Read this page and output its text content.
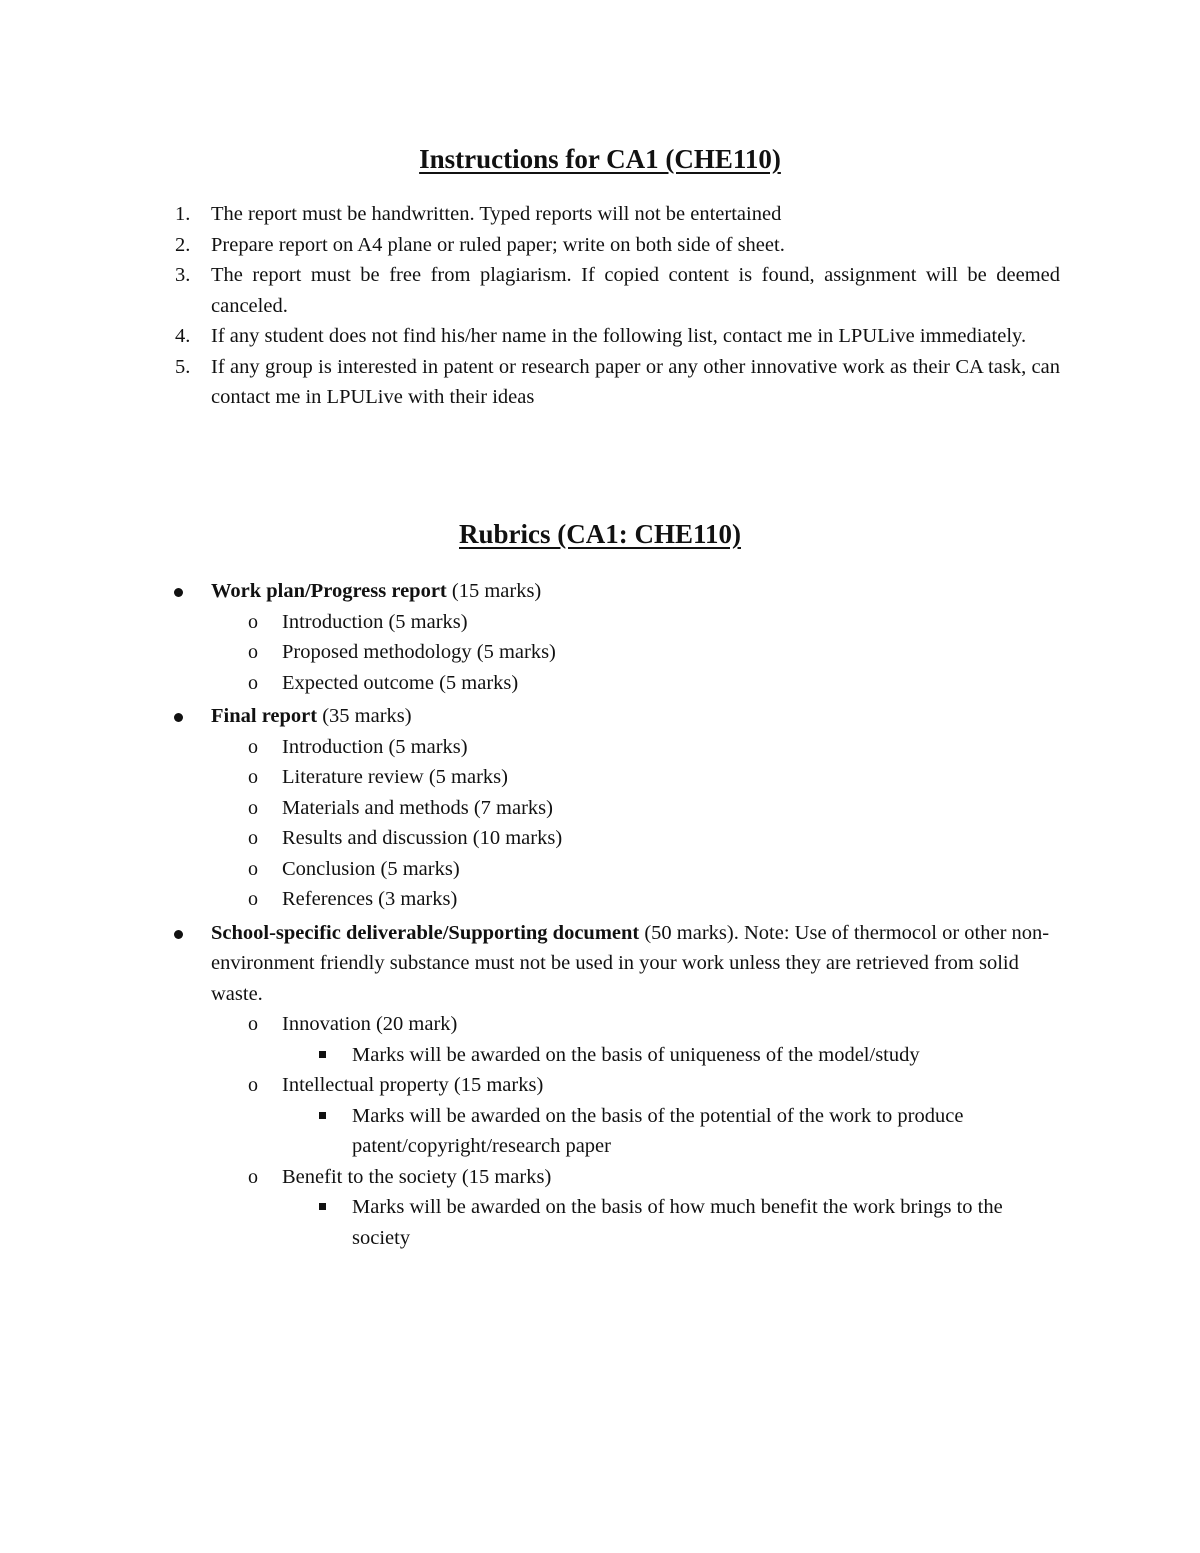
Instructions for CA1 (CHE110)
1. The report must be handwritten. Typed reports will not be entertained
2. Prepare report on A4 plane or ruled paper; write on both side of sheet.
3. The report must be free from plagiarism. If copied content is found, assignment will be deemed canceled.
4. If any student does not find his/her name in the following list, contact me in LPULive immediately.
5. If any group is interested in patent or research paper or any other innovative work as their CA task, can contact me in LPULive with their ideas
Rubrics (CA1: CHE110)
Work plan/Progress report (15 marks)
o Introduction (5 marks)
o Proposed methodology (5 marks)
o Expected outcome (5 marks)
Final report (35 marks)
o Introduction (5 marks)
o Literature review (5 marks)
o Materials and methods (7 marks)
o Results and discussion (10 marks)
o Conclusion (5 marks)
o References (3 marks)
School-specific deliverable/Supporting document (50 marks). Note: Use of thermocol or other non-environment friendly substance must not be used in your work unless they are retrieved from solid waste.
o Innovation (20 mark)
Marks will be awarded on the basis of uniqueness of the model/study
o Intellectual property (15 marks)
Marks will be awarded on the basis of the potential of the work to produce patent/copyright/research paper
o Benefit to the society (15 marks)
Marks will be awarded on the basis of how much benefit the work brings to the society
